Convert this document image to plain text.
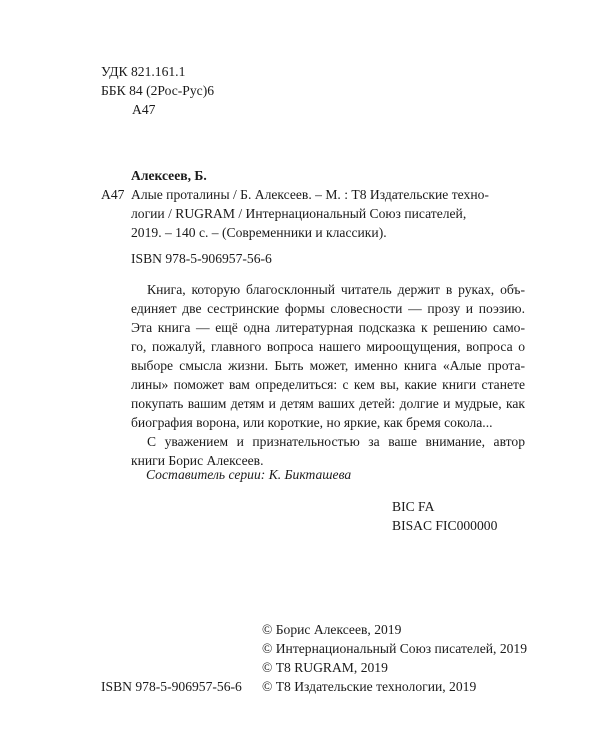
УДК 821.161.1
ББК 84 (2Рос-Рус)6
А47
Алексеев, Б.
А47 Алые проталины / Б. Алексеев. – М. : Т8 Издательские техно-
логии / RUGRAM / Интернациональный Союз писателей,
2019. – 140 с. – (Современники и классики).
ISBN 978-5-906957-56-6

Книга, которую благосклонный читатель держит в руках, объ-
единяет две сестринские формы словесности — прозу и поэзию.
Эта книга — ещё одна литературная подсказка к решению само-
го, пожалуй, главного вопроса нашего мироощущения, вопроса о
выборе смысла жизни. Быть может, именно книга «Алые прота-
лины» поможет вам определиться: с кем вы, какие книги станете
покупать вашим детям и детям ваших детей: долгие и мудрые, как
биография ворона, или короткие, но яркие, как бремя сокола...

С уважением и признательностью за ваше внимание, автор
книги Борис Алексеев.

Составитель серии: К. Бикташева
BIC FA
BISAC FIC000000
© Борис Алексеев, 2019
© Интернациональный Союз писателей, 2019
© Т8 RUGRAM, 2019
© Т8 Издательские технологии, 2019
ISBN 978-5-906957-56-6
